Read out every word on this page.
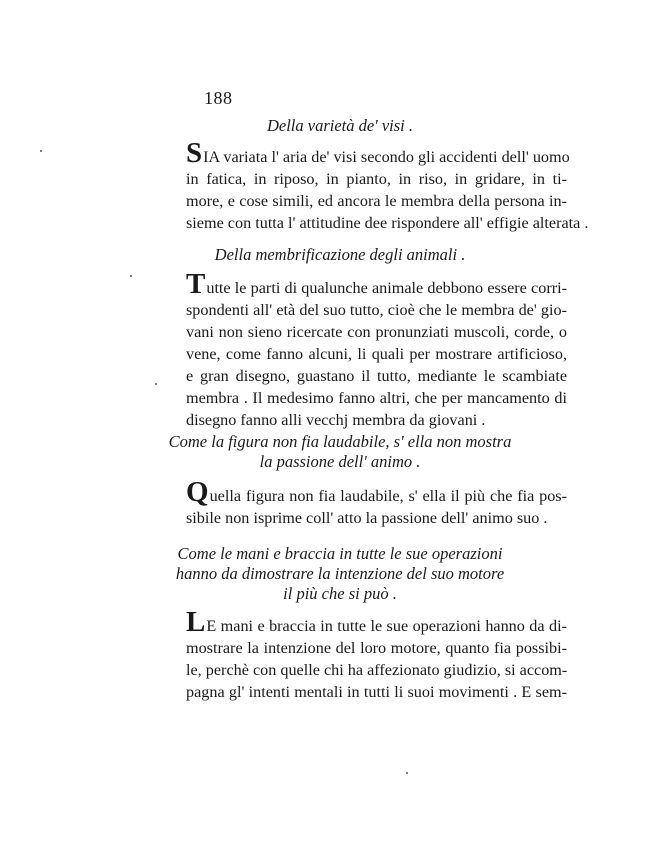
188
Della varietà de' visi .
SIA variata l' aria de' visi secondo gli accidenti dell' uomo
in fatica, in riposo, in pianto, in riso, in gridare, in ti-
more, e cose simili, ed ancora le membra della persona in-
sieme con tutta l' attitudine dee rispondere all' effigie alterata .
Della membrificazione degli animali .
Tutte le parti di qualunche animale debbono essere corri-
spondenti all' età del suo tutto, cioè che le membra de' gio-
vani non sieno ricercate con pronunziati muscoli, corde, o
vene, come fanno alcuni, li quali per mostrare artificioso,
e gran disegno, guastano il tutto, mediante le scambiate
membra . Il medesimo fanno altri, che per mancamento di
disegno fanno alli vecchj membra da giovani .
Come la figura non fia laudabile, s' ella non mostra
la passione dell' animo .
Quella figura non fia laudabile, s' ella il più che fia pos-
sibile non isprime coll' atto la passione dell' animo suo .
Come le mani e braccia in tutte le sue operazioni
hanno da dimostrare la intenzione del suo motore
il più che si può .
LE mani e braccia in tutte le sue operazioni hanno da di-
mostrare la intenzione del loro motore, quanto fia possibi-
le, perchè con quelle chi ha affezionato giudizio, si accom-
pagna gl' intenti mentali in tutti li suoi movimenti . E sem-
